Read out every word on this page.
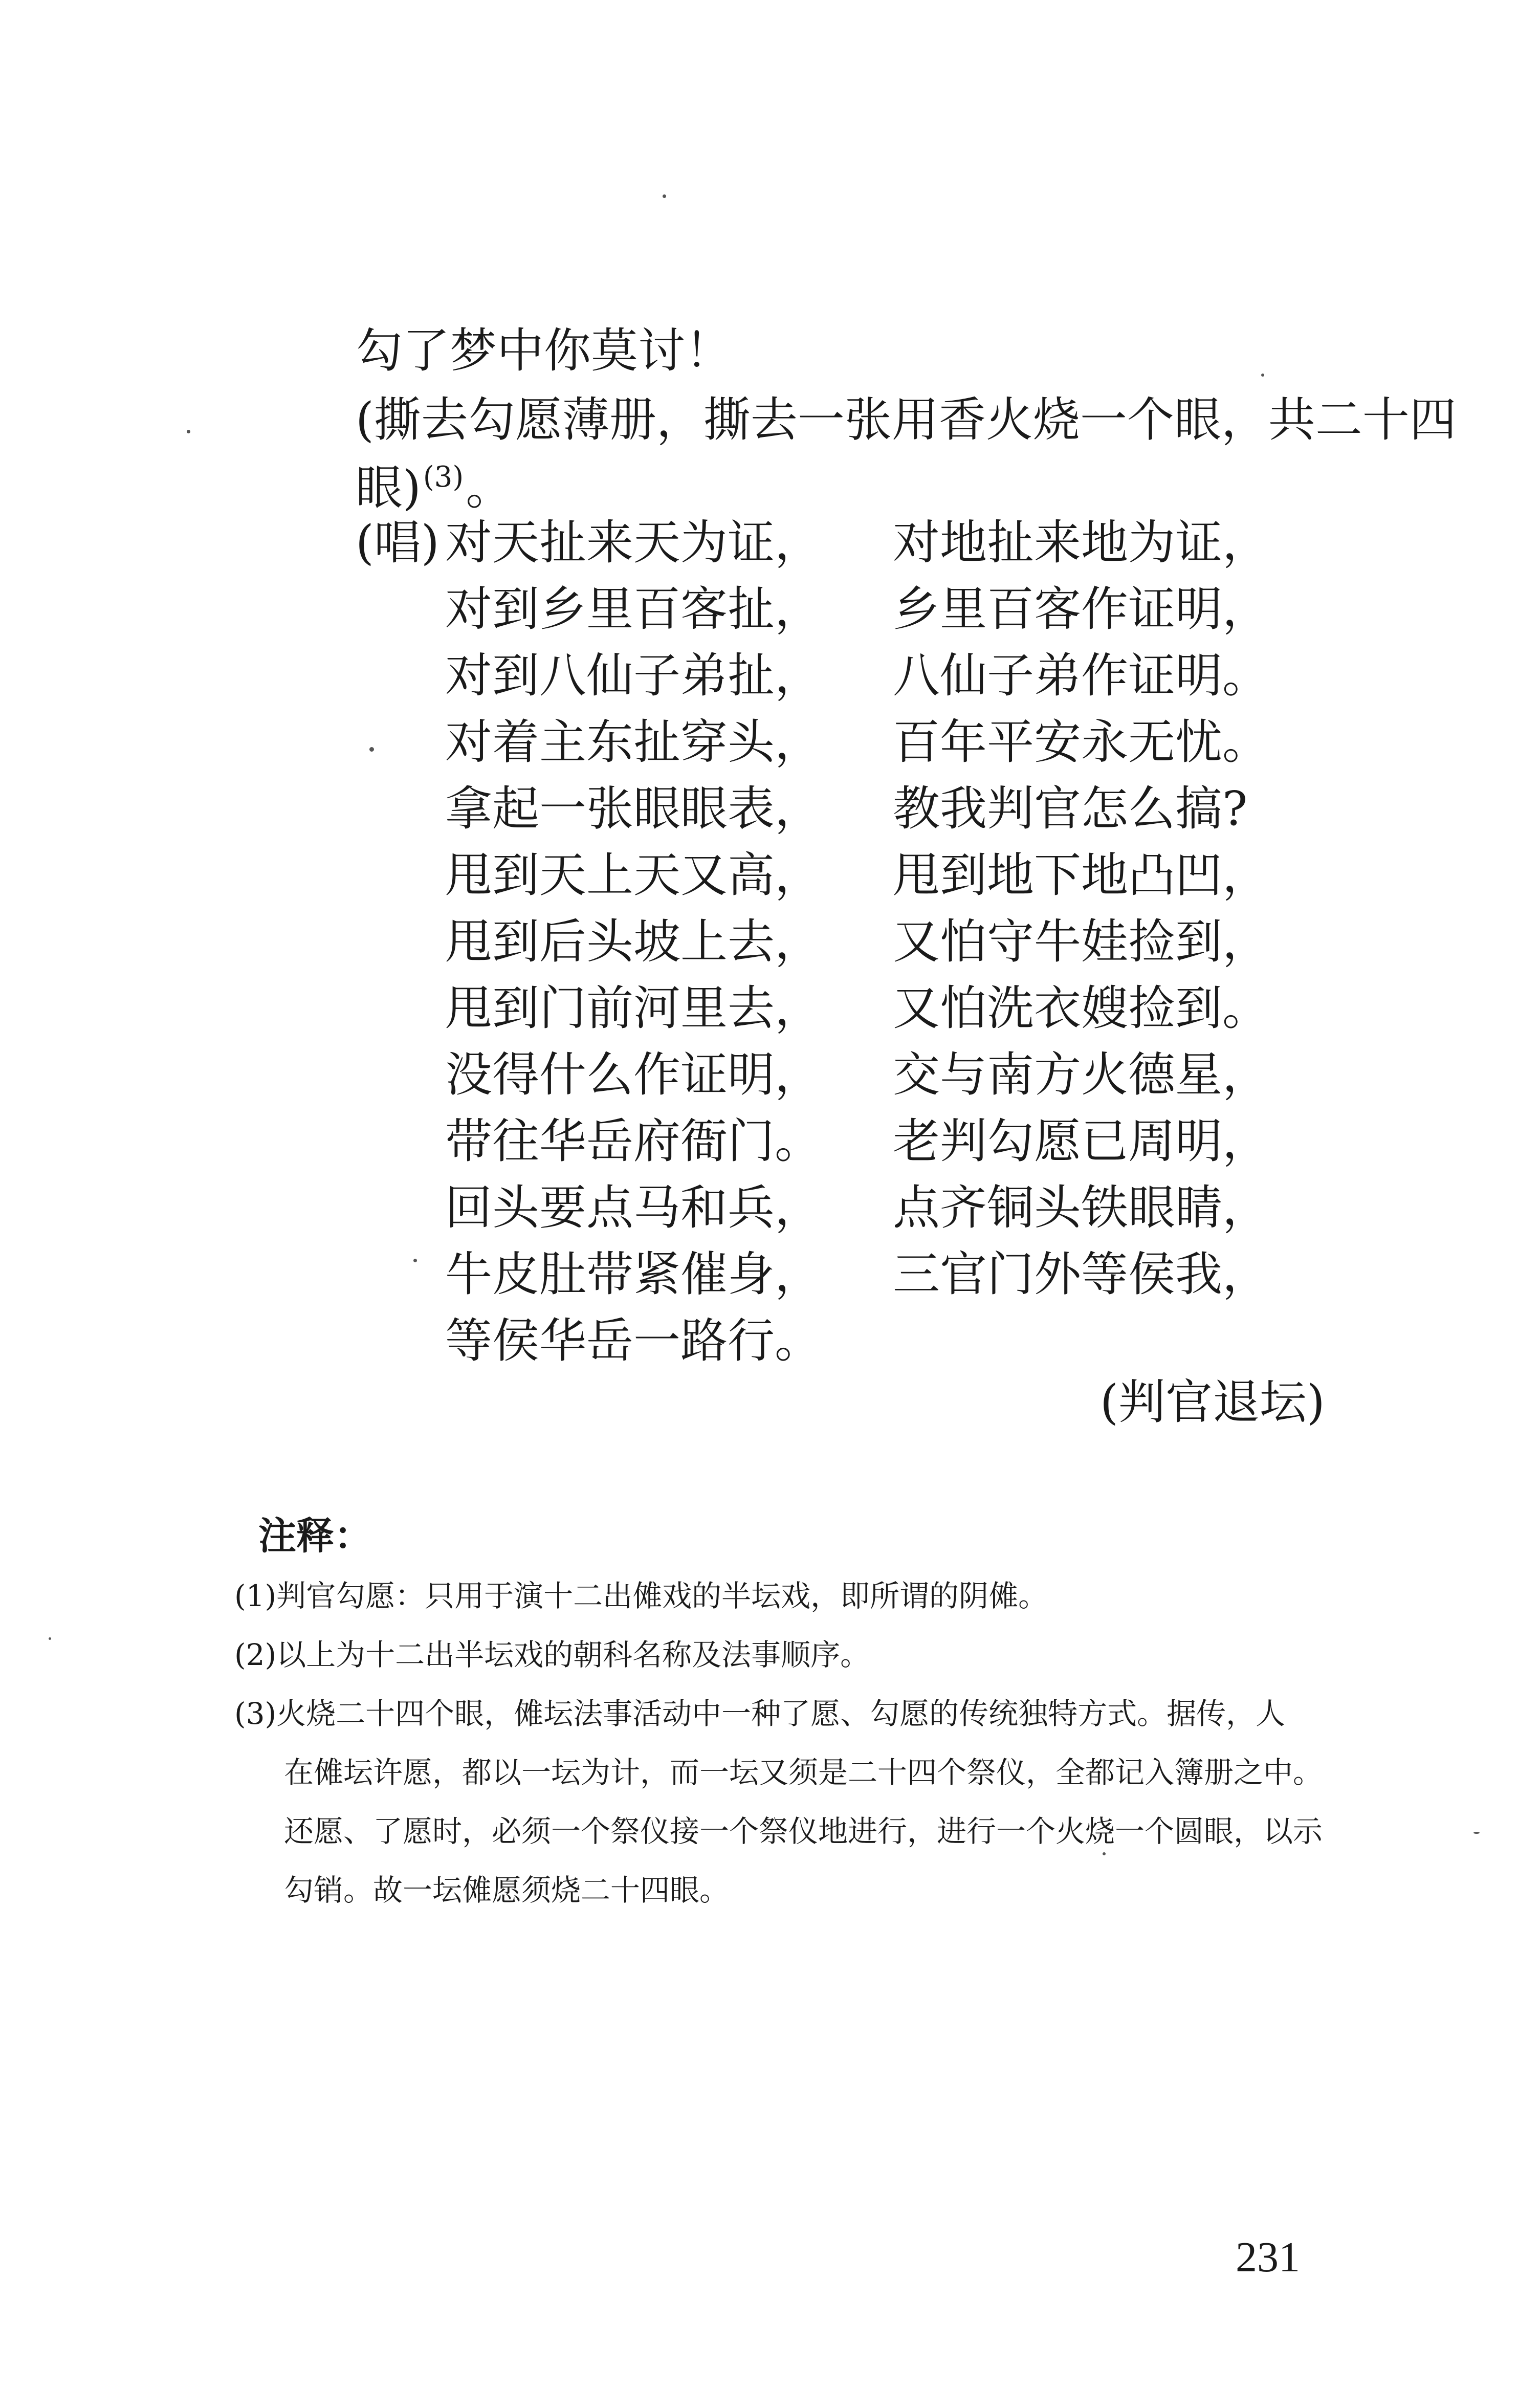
勾了梦中你莫讨！
(撕去勾愿薄册，撕去一张用香火烧一个眼，共二十四
眼)$^{(3)}$。
(唱) 对天扯来天为证，
对到乡里百客扯，
对到八仙子弟扯，
对着主东扯穿头，
拿起一张眼眼表，
甩到天上天又高，
甩到后头坡上去，
甩到门前河里去，
没得什么作证明，
带往华岳府衙门。
回头要点马和兵，
牛皮肚带紧催身，
等侯华岳一路行。
对地扯来地为证，
乡里百客作证明，
八仙子弟作证明。
百年平安永无忧。
教我判官怎么搞?
甩到地下地凸凹，
又怕守牛娃捡到，
又怕洗衣嫂捡到。
交与南方火德星，
老判勾愿已周明，
点齐铜头铁眼睛，
三官门外等侯我，
(判官退坛)
注释：
(1)判官勾愿：只用于演十二出傩戏的半坛戏，即所谓的阴傩。
(2)以上为十二出半坛戏的朝科名称及法事顺序。
(3)火烧二十四个眼，傩坛法事活动中一种了愿、勾愿的传统独特方式。据传，人
在傩坛许愿，都以一坛为计，而一坛又须是二十四个祭仪，全都记入簿册之中。
还愿、了愿时，必须一个祭仪接一个祭仪地进行，进行一个火烧一个圆眼，以示
勾销。故一坛傩愿须烧二十四眼。
231
